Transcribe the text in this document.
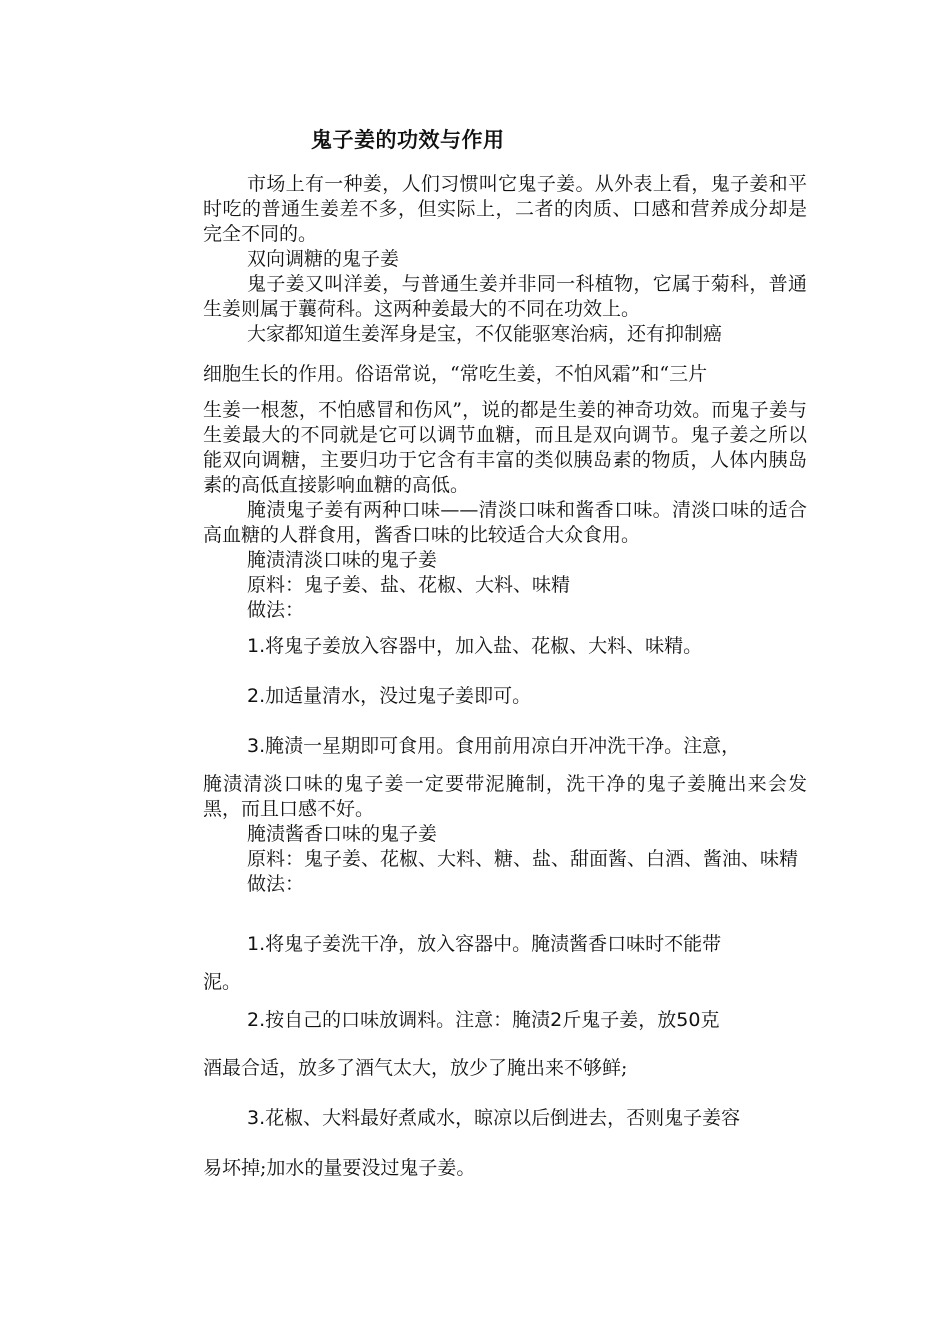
鬼子姜的功效与作用

市场上有一种姜，人们习惯叫它鬼子姜。从外表上看，鬼子姜和平时吃的普通生姜差不多，但实际上，二者的肉质、口感和营养成分却是完全不同的。

双向调糖的鬼子姜

鬼子姜又叫洋姜，与普通生姜并非同一科植物，它属于菊科，普通生姜则属于蘘荷科。这两种姜最大的不同在功效上。

大家都知道生姜浑身是宝，不仅能驱寒治病，还有抑制癌

细胞生长的作用。俗语常说，“常吃生姜，不怕风霜”和“三片

生姜一根葱，不怕感冒和伤风”，说的都是生姜的神奇功效。而鬼子姜与生姜最大的不同就是它可以调节血糖，而且是双向调节。鬼子姜之所以能双向调糖，主要归功于它含有丰富的类似胰岛素的物质，人体内胰岛素的高低直接影响血糖的高低。

腌渍鬼子姜有两种口味——清淡口味和酱香口味。清淡口味的适合高血糖的人群食用，酱香口味的比较适合大众食用。

腌渍清淡口味的鬼子姜

原料：鬼子姜、盐、花椒、大料、味精

做法：

1.将鬼子姜放入容器中，加入盐、花椒、大料、味精。

2.加适量清水，没过鬼子姜即可。

3.腌渍一星期即可食用。食用前用凉白开冲洗干净。注意，

腌渍清淡口味的鬼子姜一定要带泥腌制，洗干净的鬼子姜腌出来会发黑，而且口感不好。

腌渍酱香口味的鬼子姜

原料：鬼子姜、花椒、大料、糖、盐、甜面酱、白酒、酱油、味精

做法：

1.将鬼子姜洗干净，放入容器中。腌渍酱香口味时不能带

泥。

2.按自己的口味放调料。注意：腌渍2斤鬼子姜，放50克

酒最合适，放多了酒气太大，放少了腌出来不够鲜;

3.花椒、大料最好煮咸水，晾凉以后倒进去，否则鬼子姜容

易坏掉;加水的量要没过鬼子姜。
